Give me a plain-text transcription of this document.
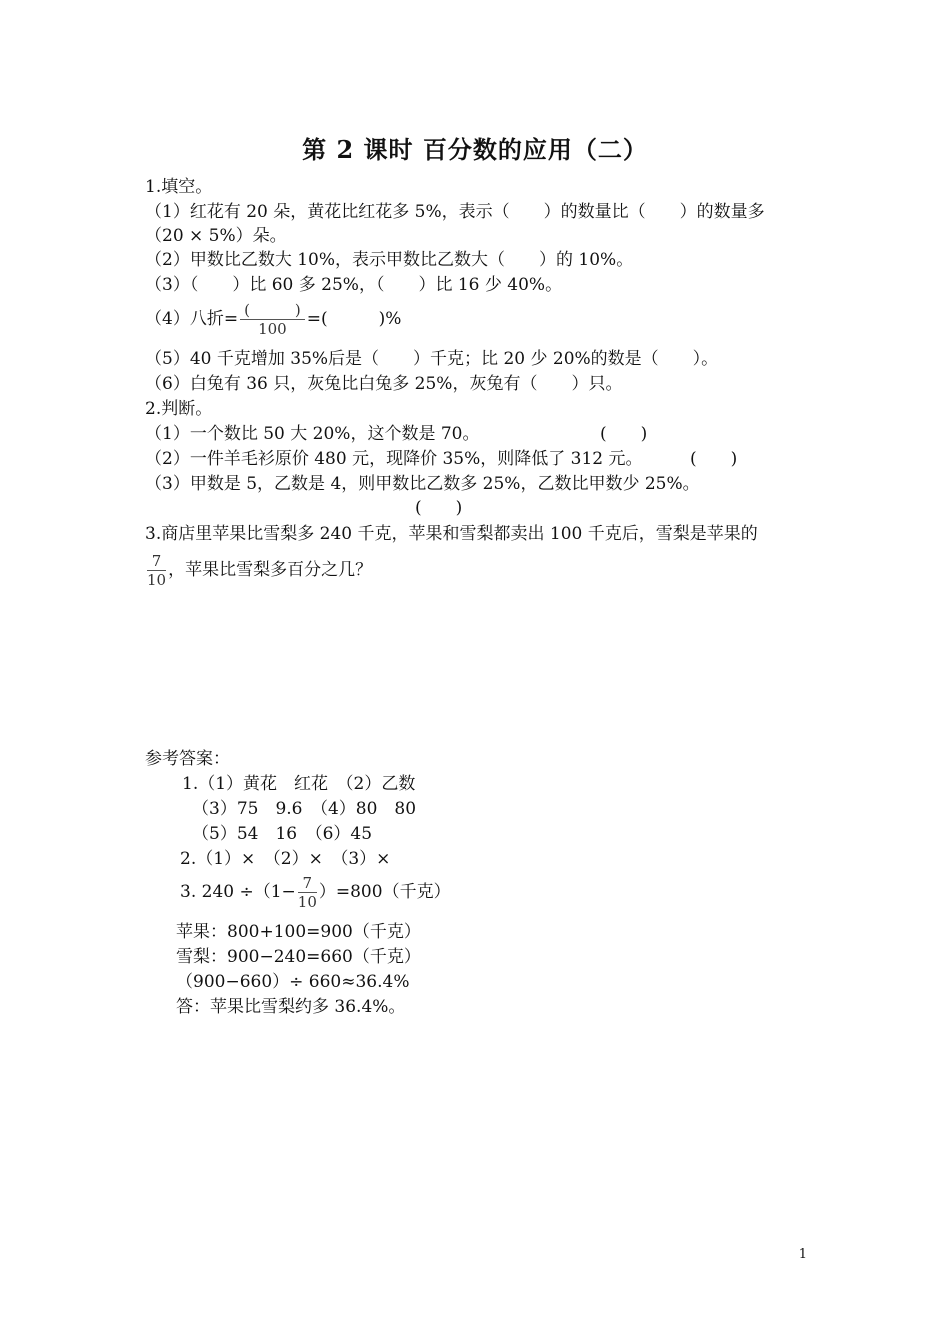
第 2 课时 百分数的应用（二）
1.填空。
（1）红花有 20 朵，黄花比红花多 5%，表示（　　）的数量比（　　）的数量多
（20 × 5%）朵。
（2）甲数比乙数大 10%，表示甲数比乙数大（　　）的 10%。
（3）（　　）比 60 多 25%，（　　）比 16 少 40%。
（4）八折= $\frac{( )}{100}$ =(　　　)%
（5）40 千克增加 35%后是（　　）千克；比 20 少 20%的数是（　　）。
（6）白兔有 36 只，灰兔比白兔多 25%，灰兔有（　　）只。
2.判断。
（1）一个数比 50 大 20%，这个数是 70。	(　　)
（2）一件羊毛衫原价 480 元，现降价 35%，则降低了 312 元。	(　　)
（3）甲数是 5，乙数是 4，则甲数比乙数多 25%，乙数比甲数少 25%。
(　　)
3.商店里苹果比雪梨多 240 千克，苹果和雪梨都卖出 100 千克后，雪梨是苹果的
$\frac{7}{10}$ ，苹果比雪梨多百分之几？
参考答案：
1.（1）黄花　红花　（2）乙数
（3）75　9.6　（4）80　80
（5）54　16　（6）45
2.（1）×　（2）×　（3）×
3. $240 \div(1- \frac{7}{10} )=800$（千克）
苹果：800+100=900（千克）
雪梨：900−240=660（千克）
（900−660）÷ 660≈36.4%
答：苹果比雪梨约多 36.4%。
1
